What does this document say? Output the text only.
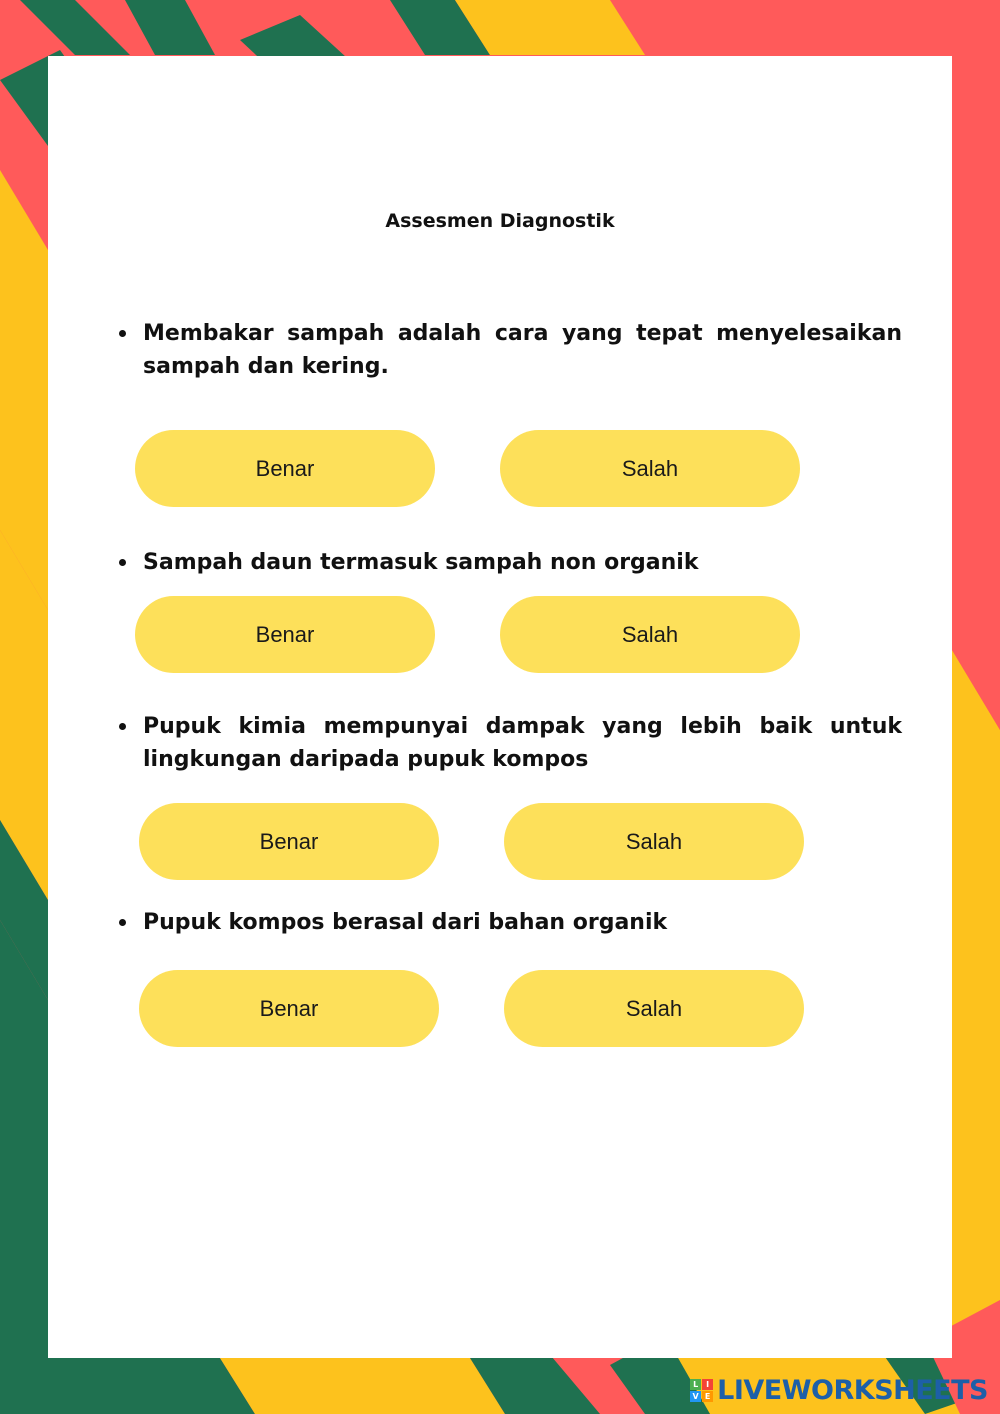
Assesmen Diagnostik
Membakar sampah adalah cara yang tepat menyelesaikan sampah dan kering.
Benar	Salah
Sampah daun termasuk sampah non organik
Benar	Salah
Pupuk kimia mempunyai dampak yang lebih baik untuk lingkungan daripada pupuk kompos
Benar	Salah
Pupuk kompos berasal dari bahan organik
Benar	Salah
L I
V E LIVEWORKSHEETS
